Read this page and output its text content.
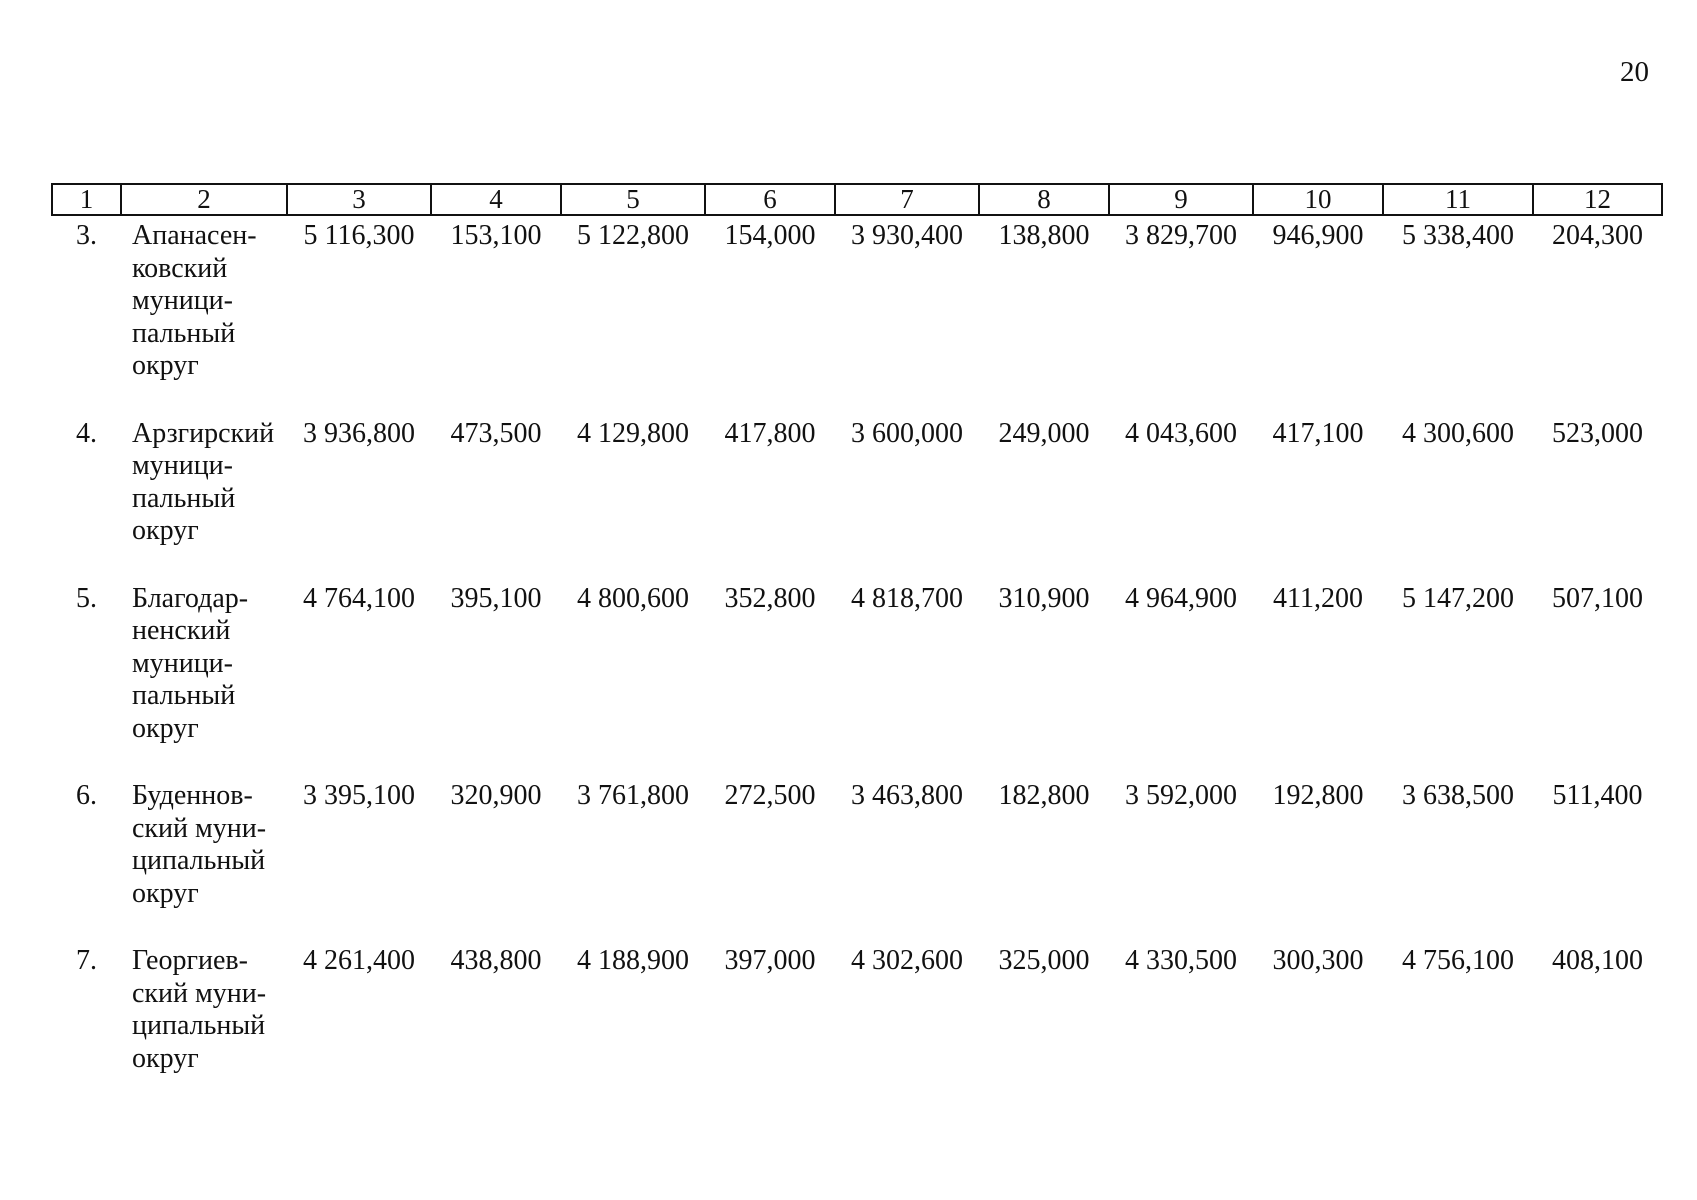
20
1	2	3	4	5	6	7	8	9	10	11	12
3.	Апанасен-
ковский
муници-
пальный
округ	5 116,300	153,100	5 122,800	154,000	3 930,400	138,800	3 829,700	946,900	5 338,400	204,300
4.	Арзгирский
муници-
пальный
округ	3 936,800	473,500	4 129,800	417,800	3 600,000	249,000	4 043,600	417,100	4 300,600	523,000
5.	Благодар-
ненский
муници-
пальный
округ	4 764,100	395,100	4 800,600	352,800	4 818,700	310,900	4 964,900	411,200	5 147,200	507,100
6.	Буденнов-
ский муни-
ципальный
округ	3 395,100	320,900	3 761,800	272,500	3 463,800	182,800	3 592,000	192,800	3 638,500	511,400
7.	Георгиев-
ский муни-
ципальный
округ	4 261,400	438,800	4 188,900	397,000	4 302,600	325,000	4 330,500	300,300	4 756,100	408,100
